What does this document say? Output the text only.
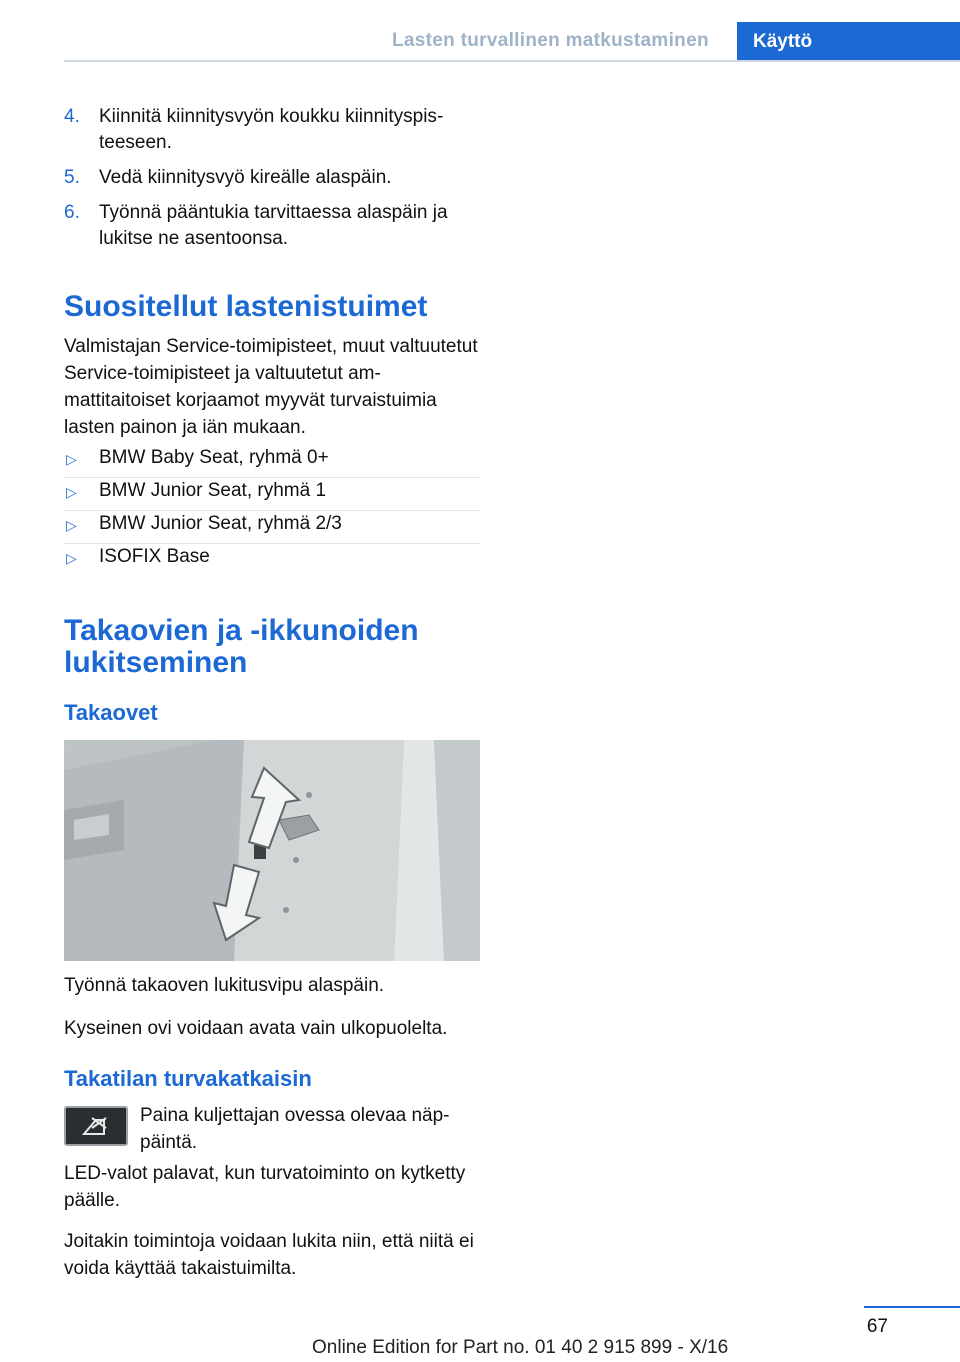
Lasten turvallinen matkustaminen Käyttö
4. Kiinnitä kiinnitysvyön koukku kiinnityspisteeseen.
5. Vedä kiinnitysvyö kireälle alaspäin.
6. Työnnä pääntukia tarvittaessa alaspäin ja lukitse ne asentoonsa.
Suositellut lastenistuimet

Valmistajan Service-toimipisteet, muut valtuutetut Service-toimipisteet ja valtuutetut ammattitaitoiset korjaamot myyvät turvaistuimia lasten painon ja iän mukaan.

▷ BMW Baby Seat, ryhmä 0+
▷ BMW Junior Seat, ryhmä 1
▷ BMW Junior Seat, ryhmä 2/3
▷ ISOFIX Base
Takaovien ja -ikkunoiden lukitseminen
Takaovet

Työnnä takaoven lukitusvipu alaspäin.

Kyseinen ovi voidaan avata vain ulkopuolelta.

Takatilan turvakatkaisin

Paina kuljettajan ovessa olevaa näppäintä.

LED-valot palavat, kun turvatoiminto on kytketty päälle.

Joitakin toimintoja voidaan lukita niin, että niitä ei voida käyttää takaistuimilta.

67
Online Edition for Part no. 01 40 2 915 899 - X/16
